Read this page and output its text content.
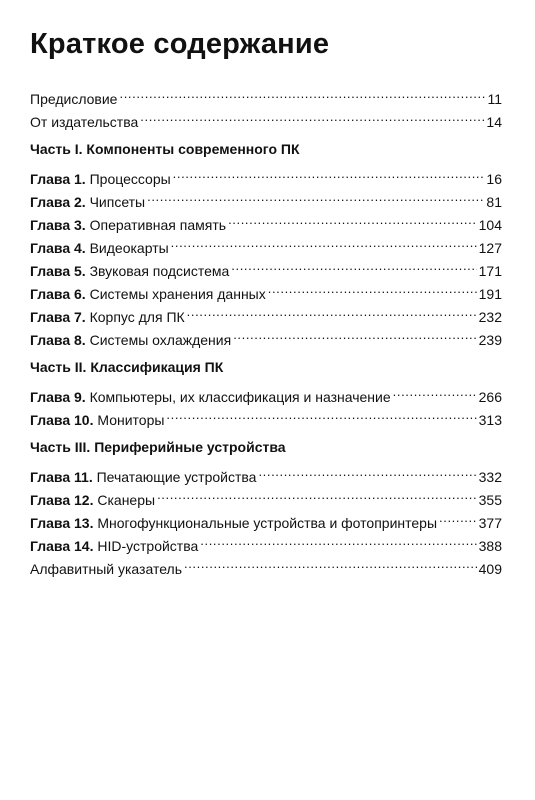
Краткое содержание
Предисловие .....	11
От издательства .....	14
Часть I. Компоненты современного ПК
Глава 1. Процессоры .....	16
Глава 2. Чипсеты .....	81
Глава 3. Оперативная память .....	104
Глава 4. Видеокарты .....	127
Глава 5. Звуковая подсистема .....	171
Глава 6. Системы хранения данных .....	191
Глава 7. Корпус для ПК .....	232
Глава 8. Системы охлаждения .....	239
Часть II. Классификация ПК
Глава 9. Компьютеры, их классификация и назначение .....	266
Глава 10. Мониторы .....	313
Часть III. Периферийные устройства
Глава 11. Печатающие устройства .....	332
Глава 12. Сканеры .....	355
Глава 13. Многофункциональные устройства и фотопринтеры .....	377
Глава 14. HID-устройства .....	388
Алфавитный указатель .....	409
